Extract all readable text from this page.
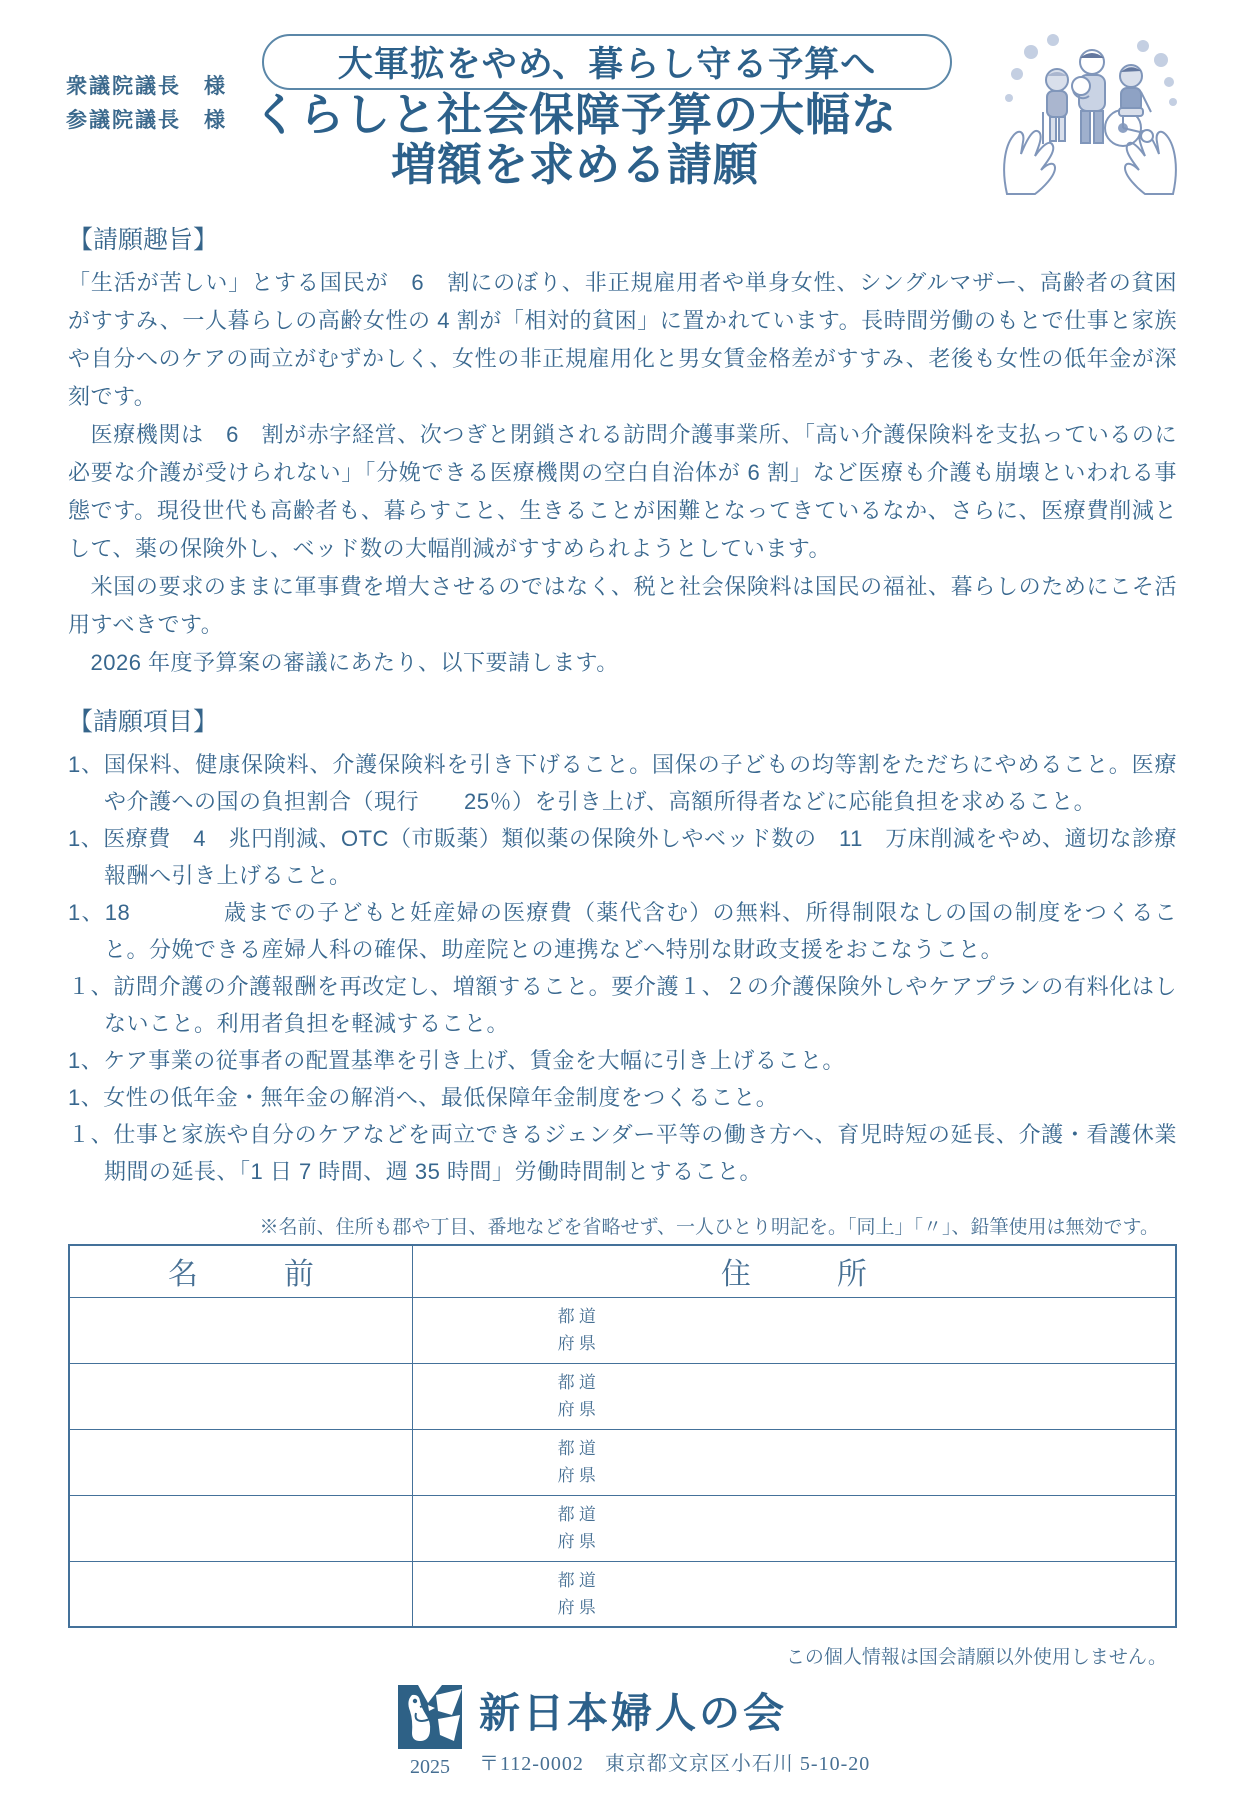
衆議院議長　様
参議院議長　様
大軍拡をやめ、暮らし守る予算へ
くらしと社会保障予算の大幅な
増額を求める請願
【請願趣旨】

「生活が苦しい」とする国民が　6　割にのぼり、非正規雇用者や単身女性、シングルマザー、高齢者の貧困がすすみ、一人暮らしの高齢女性の 4 割が「相対的貧困」に置かれています。長時間労働のもとで仕事と家族や自分へのケアの両立がむずかしく、女性の非正規雇用化と男女賃金格差がすすみ、老後も女性の低年金が深刻です。

　医療機関は　6　割が赤字経営、次つぎと閉鎖される訪問介護事業所、「高い介護保険料を支払っているのに必要な介護が受けられない」「分娩できる医療機関の空白自治体が 6 割」など医療も介護も崩壊といわれる事態です。現役世代も高齢者も、暮らすこと、生きることが困難となってきているなか、さらに、医療費削減として、薬の保険外し、ベッド数の大幅削減がすすめられようとしています。

　米国の要求のままに軍事費を増大させるのではなく、税と社会保険料は国民の福祉、暮らしのためにこそ活用すべきです。

　2026 年度予算案の審議にあたり、以下要請します。

【請願項目】
1、国保料、健康保険料、介護保険料を引き下げること。国保の子どもの均等割をただちにやめること。医療や介護への国の負担割合（現行　　25％）を引き上げ、高額所得者などに応能負担を求めること。
1、医療費　4　兆円削減、OTC（市販薬）類似薬の保険外しやベッド数の　11　万床削減をやめ、適切な診療報酬へ引き上げること。
1、18　　　　歳までの子どもと妊産婦の医療費（薬代含む）の無料、所得制限なしの国の制度をつくること。分娩できる産婦人科の確保、助産院との連携などへ特別な財政支援をおこなうこと。
１、訪問介護の介護報酬を再改定し、増額すること。要介護１、２の介護保険外しやケアプランの有料化はしないこと。利用者負担を軽減すること。
1、ケア事業の従事者の配置基準を引き上げ、賃金を大幅に引き上げること。
1、女性の低年金・無年金の解消へ、最低保障年金制度をつくること。
１、仕事と家族や自分のケアなどを両立できるジェンダー平等の働き方へ、育児時短の延長、介護・看護休業期間の延長、「1 日 7 時間、週 35 時間」労働時間制とすること。
※名前、住所も郡や丁目、番地などを省略せず、一人ひとり明記を。「同上」「〃」、鉛筆使用は無効です。
名　前	住　所

	都 道
府 県

	都 道
府 県

	都 道
府 県

	都 道
府 県

	都 道
府 県
この個人情報は国会請願以外使用しません。
2025
新日本婦人の会
〒112-0002　東京都文京区小石川 5-10-20
